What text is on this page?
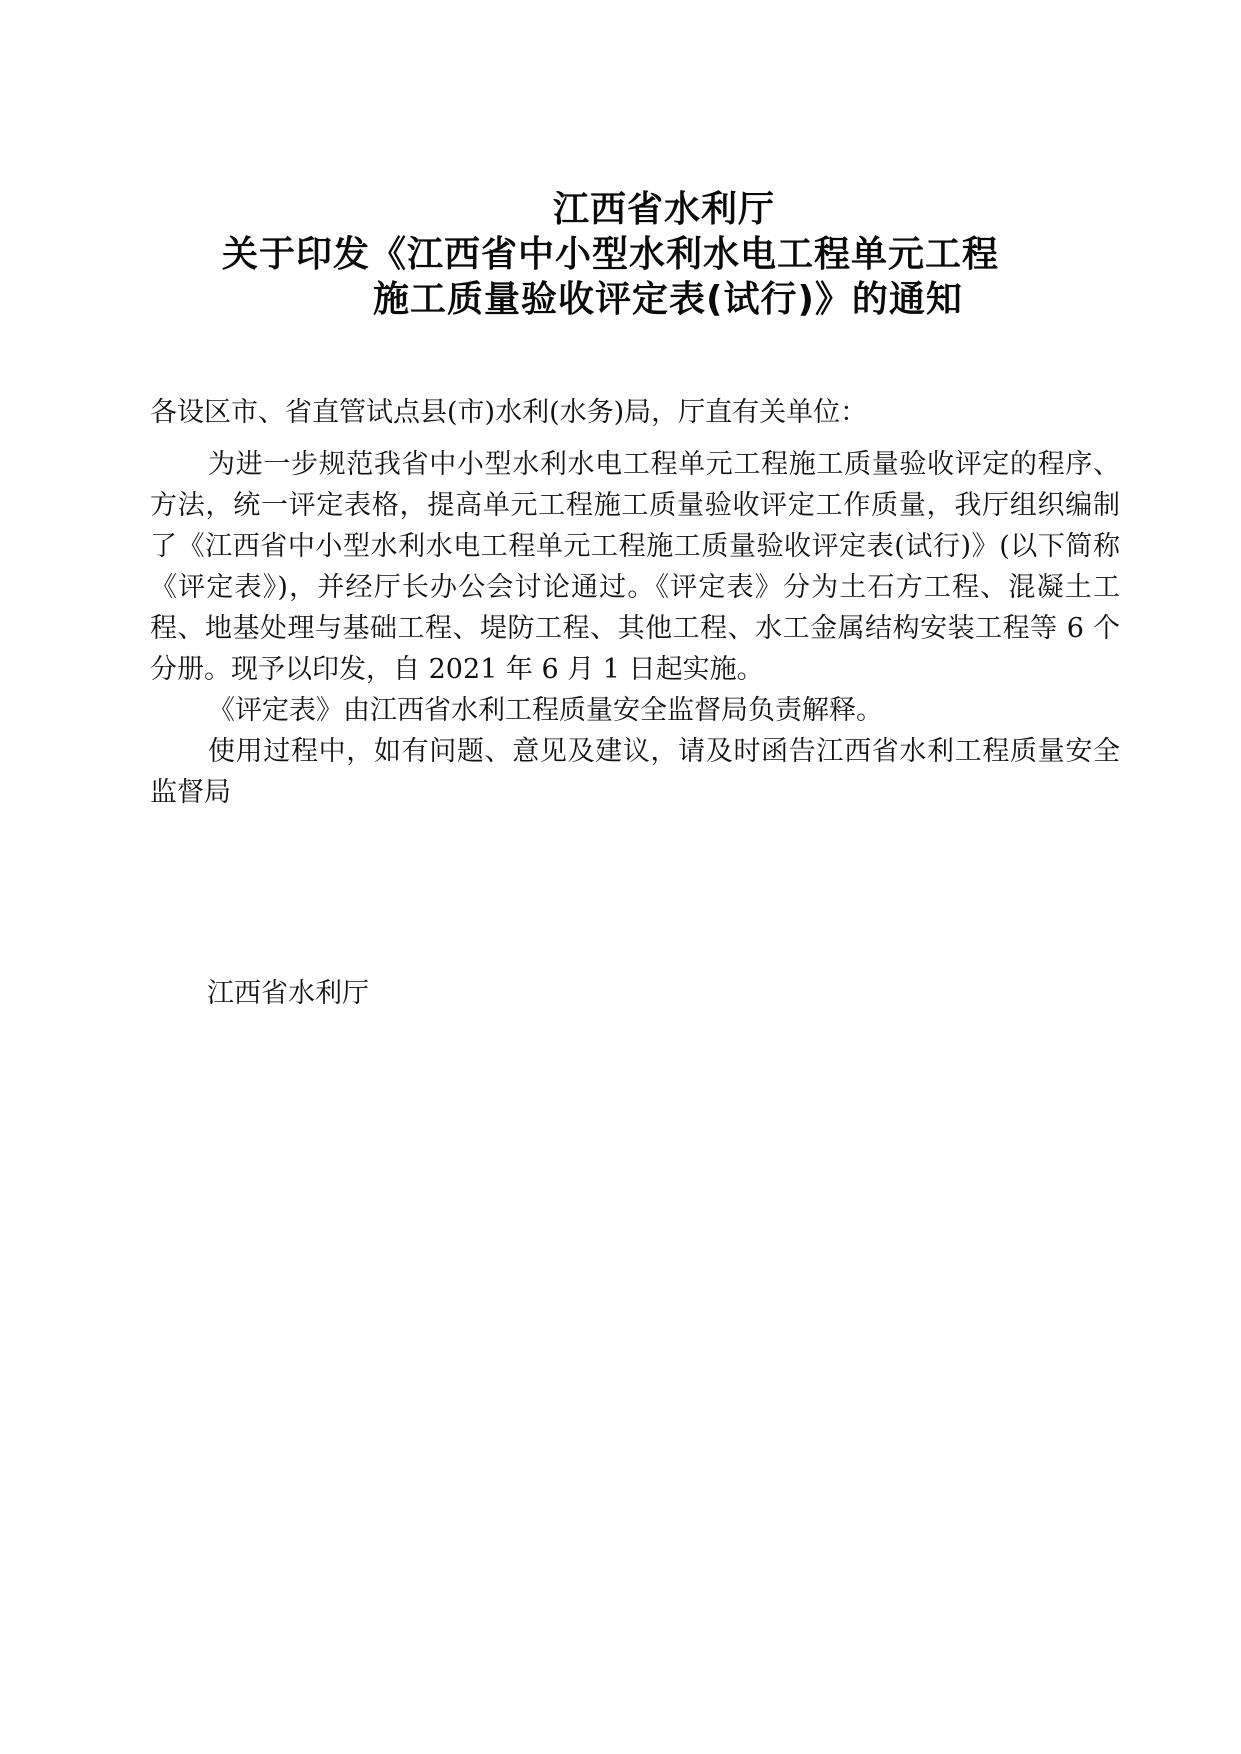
江西省水利厅
关于印发《江西省中小型水利水电工程单元工程
施工质量验收评定表(试行)》的通知

各设区市、省直管试点县(市)水利(水务)局，厅直有关单位：

为进一步规范我省中小型水利水电工程单元工程施工质量验收评定的程序、方法，统一评定表格，提高单元工程施工质量验收评定工作质量，我厅组织编制了《江西省中小型水利水电工程单元工程施工质量验收评定表(试行)》(以下简称《评定表》)，并经厅长办公会讨论通过。《评定表》分为土石方工程、混凝土工程、地基处理与基础工程、堤防工程、其他工程、水工金属结构安装工程等 6 个分册。现予以印发，自 2021 年 6 月 1 日起实施。

《评定表》由江西省水利工程质量安全监督局负责解释。

使用过程中，如有问题、意见及建议，请及时函告江西省水利工程质量安全监督局

江西省水利厅
